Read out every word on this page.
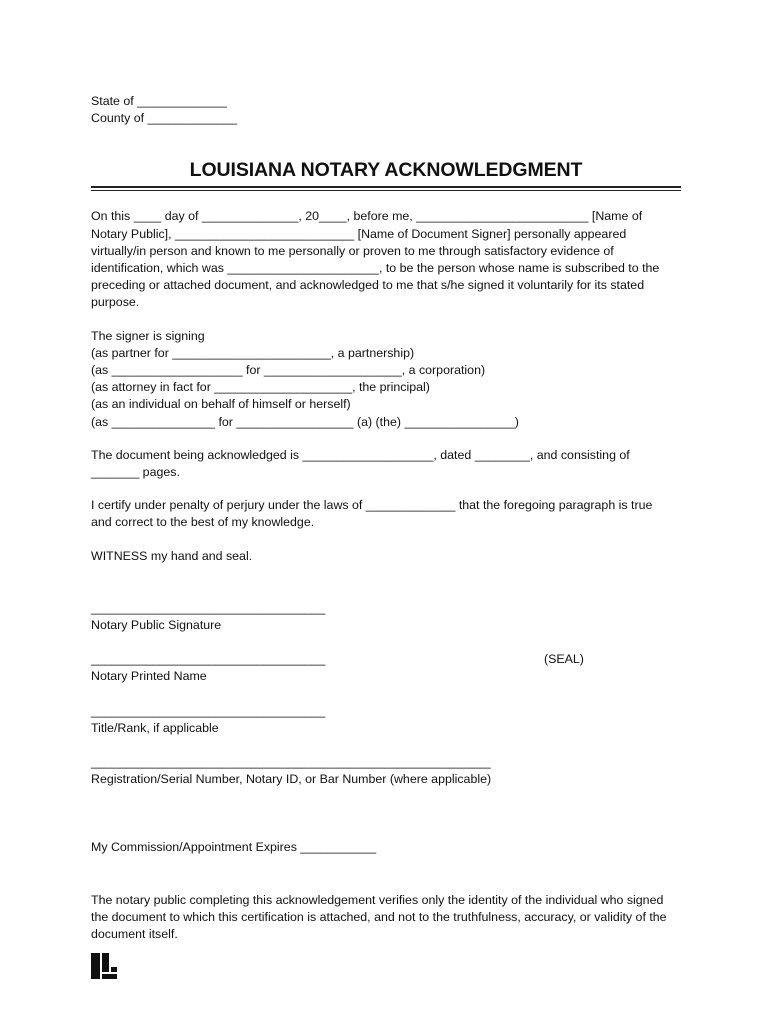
State of _____________
County of _____________
LOUISIANA NOTARY ACKNOWLEDGMENT
On this ____ day of ______________, 20____, before me, _________________________ [Name of
Notary Public], __________________________ [Name of Document Signer] personally appeared
virtually/in person and known to me personally or proven to me through satisfactory evidence of
identification, which was ______________________, to be the person whose name is subscribed to the
preceding or attached document, and acknowledged to me that s/he signed it voluntarily for its stated
purpose.
The signer is signing
(as partner for _______________________, a partnership)
(as ___________________ for ____________________, a corporation)
(as attorney in fact for ____________________, the principal)
(as an individual on behalf of himself or herself)
(as _______________ for _________________ (a) (the) ________________)
The document being acknowledged is ___________________, dated ________, and consisting of
_______ pages.
I certify under penalty of perjury under the laws of _____________ that the foregoing paragraph is true
and correct to the best of my knowledge.
WITNESS my hand and seal.
__________________________________
Notary Public Signature
__________________________________
Notary Printed Name
(SEAL)
__________________________________
Title/Rank, if applicable
__________________________________________________________
Registration/Serial Number, Notary ID, or Bar Number (where applicable)
My Commission/Appointment Expires ___________
The notary public completing this acknowledgement verifies only the identity of the individual who signed
the document to which this certification is attached, and not to the truthfulness, accuracy, or validity of the
document itself.
